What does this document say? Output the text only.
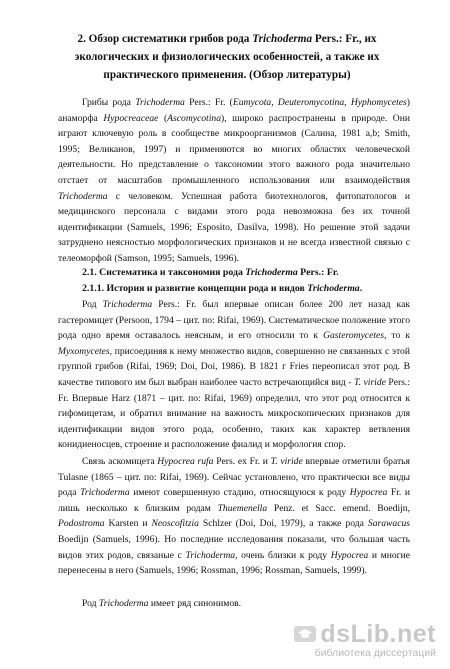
2. Обзор систематики грибов рода Trichoderma Pers.: Fr., их
экологических и физиологических особенностей, а также их
практического применения. (Обзор литературы)

Грибы рода Trichoderma Pers.: Fr. (Eumycota, Deuteromycotina, Hyphomycetes) анаморфа Hypocreaceae (Ascomycotina), широко распространены в природе. Они играют ключевую роль в сообществе микроорганизмов (Салина, 1981 а,b; Smith, 1995; Великанов, 1997) и применяются во многих областях человеческой деятельности. Но представление о таксономии этого важного рода значительно отстает от масштабов промышленного использования или взаимодействия Trichoderma с человеком. Успешная работа биотехнологов, фитопатологов и медицинского персонала с видами этого рода невозможна без их точной идентификации (Samuels, 1996; Esposito, Dasilva, 1998). Но решение этой задачи затруднено неясностью морфологических признаков и не всегда известной связью с телеоморфой (Samson, 1995; Samuels, 1996).

2.1. Систематика и таксономия рода Trichoderma Pers.: Fr.

2.1.1. История и развитие концепции рода и видов Trichoderma.

Род Trichoderma Pers.: Fr. был впервые описан более 200 лет назад как гастеромицет (Persoon, 1794 – цит. по: Rifai, 1969). Систематическое положение этого рода одно время оставалось неясным, и его относили то к Gasteromycetes, то к Myxomycetes, присоединяя к нему множество видов, совершенно не связанных с этой группой грибов (Rifai, 1969; Doi, Doi, 1986). В 1821 г Fries переописал этот род. В качестве типового им был выбран наиболее часто встречающийся вид - T. viride Pers.: Fr. Впервые Harz (1871 – цит. по: Rifai, 1969) определил, что этот род относится к гифомицетам, и обратил внимание на важность микроскопических признаков для идентификации видов этого рода, особенно, таких как характер ветвления конидиеносцев, строение и расположение фиалид и морфология спор.

Связь аскомицета Hypocrea rufa Pers. ex Fr. и T. viride впервые отметили братья Tulasne (1865 – цит. по: Rifai, 1969). Сейчас установлено, что практически все виды рода Trichoderma имеют совершенную стадию, относящуюся к роду Hypocrea Fr. и лишь несколько к близким родам Thuemenella Penz. et Sacc. emend. Boedijn, Podostroma Karsten и Neoscofitzia Schlzer (Doi, Doi, 1979), а также рода Sarawacus Boedijn (Samuels, 1996). Но последние исследования показали, что большая часть видов этих родов, связаные с Trichoderma, очень близки к роду Hypocrea и многие перенесены в него (Samuels, 1996; Rossman, 1996; Rossman, Samuels, 1999).

Род Trichoderma имеет ряд синонимов.

dsLib.net
библиотека диссертаций
